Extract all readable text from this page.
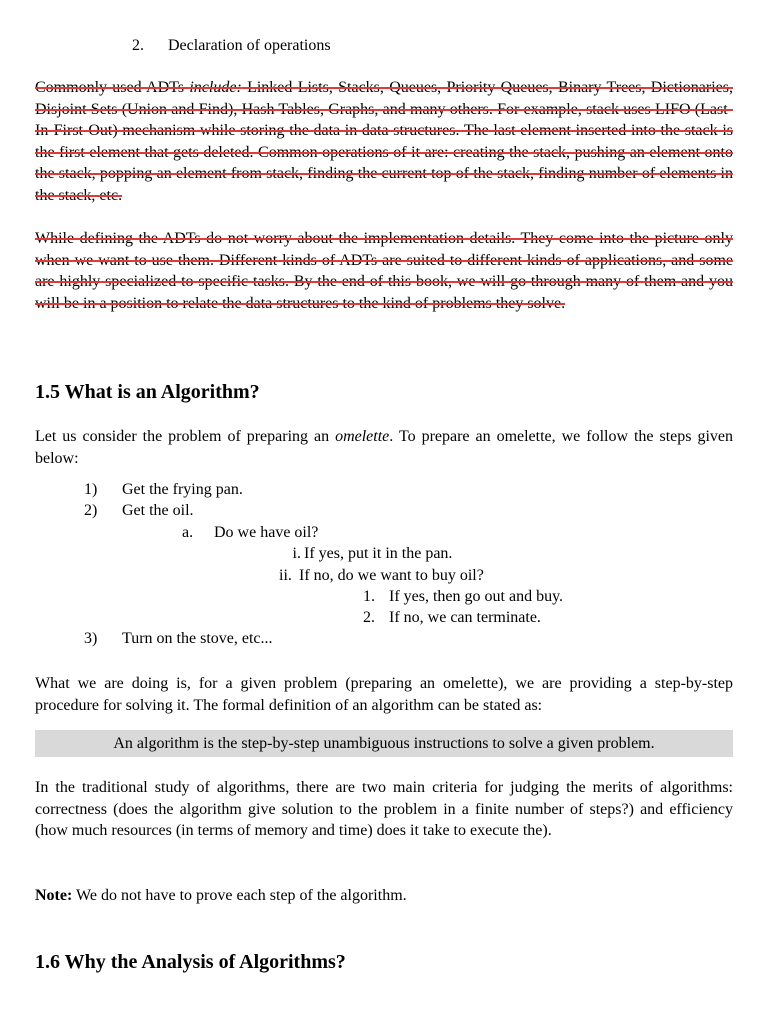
2. Declaration of operations

Commonly used ADTs include: Linked Lists, Stacks, Queues, Priority Queues, Binary Trees, Dictionaries, Disjoint Sets (Union and Find), Hash Tables, Graphs, and many others. For example, stack uses LIFO (Last-In-First-Out) mechanism while storing the data in data structures. The last element inserted into the stack is the first element that gets deleted. Common operations of it are: creating the stack, pushing an element onto the stack, popping an element from stack, finding the current top of the stack, finding number of elements in the stack, etc.

While defining the ADTs do not worry about the implementation details. They come into the picture only when we want to use them. Different kinds of ADTs are suited to different kinds of applications, and some are highly specialized to specific tasks. By the end of this book, we will go through many of them and you will be in a position to relate the data structures to the kind of problems they solve.

1.5 What is an Algorithm?

Let us consider the problem of preparing an omelette. To prepare an omelette, we follow the steps given below:

1) Get the frying pan.
2) Get the oil.
a. Do we have oil?
i. If yes, put it in the pan.
ii. If no, do we want to buy oil?
1. If yes, then go out and buy.
2. If no, we can terminate.
3) Turn on the stove, etc...

What we are doing is, for a given problem (preparing an omelette), we are providing a step-by-step procedure for solving it. The formal definition of an algorithm can be stated as:

An algorithm is the step-by-step unambiguous instructions to solve a given problem.

In the traditional study of algorithms, there are two main criteria for judging the merits of algorithms: correctness (does the algorithm give solution to the problem in a finite number of steps?) and efficiency (how much resources (in terms of memory and time) does it take to execute the).

Note: We do not have to prove each step of the algorithm.
1.6 Why the Analysis of Algorithms?
